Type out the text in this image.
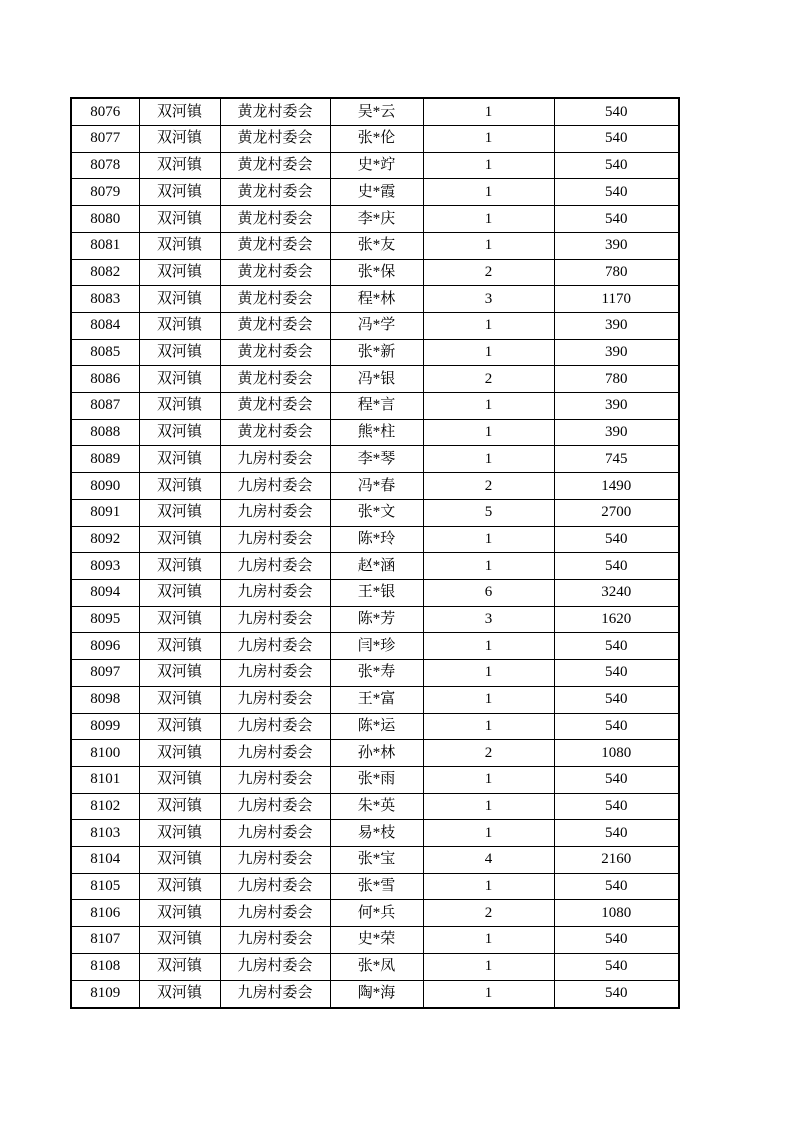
8076	双河镇	黄龙村委会	吴*云	1	540
8077	双河镇	黄龙村委会	张*伦	1	540
8078	双河镇	黄龙村委会	史*竚	1	540
8079	双河镇	黄龙村委会	史*霞	1	540
8080	双河镇	黄龙村委会	李*庆	1	540
8081	双河镇	黄龙村委会	张*友	1	390
8082	双河镇	黄龙村委会	张*保	2	780
8083	双河镇	黄龙村委会	程*林	3	1170
8084	双河镇	黄龙村委会	冯*学	1	390
8085	双河镇	黄龙村委会	张*新	1	390
8086	双河镇	黄龙村委会	冯*银	2	780
8087	双河镇	黄龙村委会	程*言	1	390
8088	双河镇	黄龙村委会	熊*柱	1	390
8089	双河镇	九房村委会	李*琴	1	745
8090	双河镇	九房村委会	冯*春	2	1490
8091	双河镇	九房村委会	张*文	5	2700
8092	双河镇	九房村委会	陈*玲	1	540
8093	双河镇	九房村委会	赵*涵	1	540
8094	双河镇	九房村委会	王*银	6	3240
8095	双河镇	九房村委会	陈*芳	3	1620
8096	双河镇	九房村委会	闫*珍	1	540
8097	双河镇	九房村委会	张*寿	1	540
8098	双河镇	九房村委会	王*富	1	540
8099	双河镇	九房村委会	陈*运	1	540
8100	双河镇	九房村委会	孙*林	2	1080
8101	双河镇	九房村委会	张*雨	1	540
8102	双河镇	九房村委会	朱*英	1	540
8103	双河镇	九房村委会	易*枝	1	540
8104	双河镇	九房村委会	张*宝	4	2160
8105	双河镇	九房村委会	张*雪	1	540
8106	双河镇	九房村委会	何*兵	2	1080
8107	双河镇	九房村委会	史*荣	1	540
8108	双河镇	九房村委会	张*凤	1	540
8109	双河镇	九房村委会	陶*海	1	540
